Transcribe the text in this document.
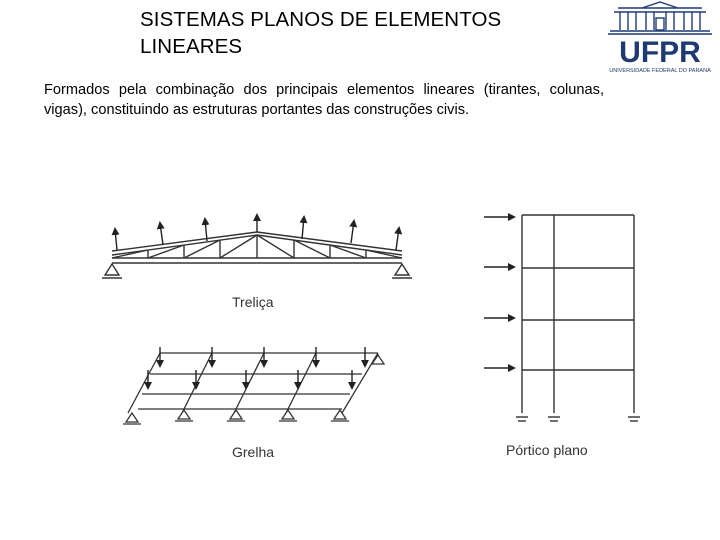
SISTEMAS PLANOS DE ELEMENTOS LINEARES	UFPR
UNIVERSIDADE FEDERAL DO PARANÁ
Formados pela combinação dos principais elementos lineares (tirantes, colunas, vigas), constituindo as estruturas portantes das construções civis.
Treliça
Grelha	Pórtico plano
